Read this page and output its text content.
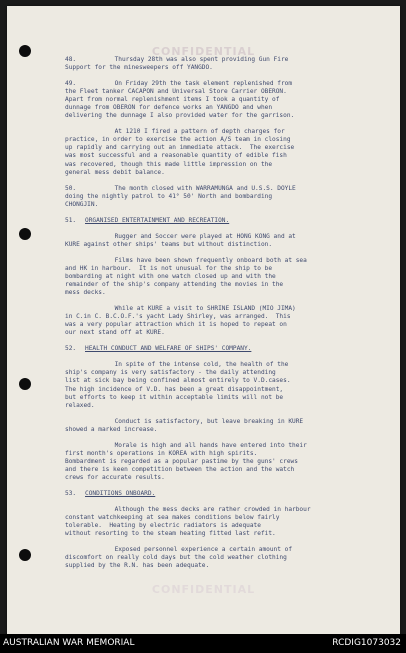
CONFIDENTIAL
CONFIDENTIAL
48.        Thursday 28th was also spent providing Gun Fire
Support for the minesweepers off YANGDO.
49.        On Friday 29th the task element replenished from
the Fleet tanker CACAPON and Universal Store Carrier OBERON.
Apart from normal replenishment items I took a quantity of
dunnage from OBERON for defence works an YANGDO and when
delivering the dunnage I also provided water for the garrison.
At 1210 I fired a pattern of depth charges for
practice, in order to exercise the action A/S team in closing
up rapidly and carrying out an immediate attack.  The exercise
was most successful and a reasonable quantity of edible fish
was recovered, though this made little impression on the
general mess debit balance.
50.        The month closed with WARRAMUNGA and U.S.S. DOYLE
doing the nightly patrol to 41° 50' North and bombarding
CHONGJIN.
51. ORGANISED ENTERTAINMENT AND RECREATION.
Rugger and Soccer were played at HONG KONG and at
KURE against other ships' teams but without distinction.
Films have been shown frequently onboard both at sea
and HK in harbour.  It is not unusual for the ship to be
bombarding at night with one watch closed up and with the
remainder of the ship's company attending the movies in the
mess decks.
While at KURE a visit to SHRINE ISLAND (MIO JIMA)
in C.in C. B.C.O.F.'s yacht Lady Shirley, was arranged.  This
was a very popular attraction which it is hoped to repeat on
our next stand off at KURE.
52. HEALTH CONDUCT AND WELFARE OF SHIPS' COMPANY.
In spite of the intense cold, the health of the
ship's company is very satisfactory - the daily attending
list at sick bay being confined almost entirely to V.D.cases.
The high incidence of V.D. has been a great disappointment,
but efforts to keep it within acceptable limits will not be
relaxed.
Conduct is satisfactory, but leave breaking in KURE
showed a marked increase.
Morale is high and all hands have entered into their
first month's operations in KOREA with high spirits.
Bombardment is regarded as a popular pastime by the guns' crews
and there is keen competition between the action and the watch
crews for accurate results.
53. CONDITIONS ONBOARD.
Although the mess decks are rather crowded in harbour
constant watchkeeping at sea makes conditions below fairly
tolerable.  Heating by electric radiators is adequate
without resorting to the steam heating fitted last refit.
Exposed personnel experience a certain amount of
discomfort on really cold days but the cold weather clothing
supplied by the R.N. has been adequate.
AUSTRALIAN WAR MEMORIAL	RCDIG1073032
